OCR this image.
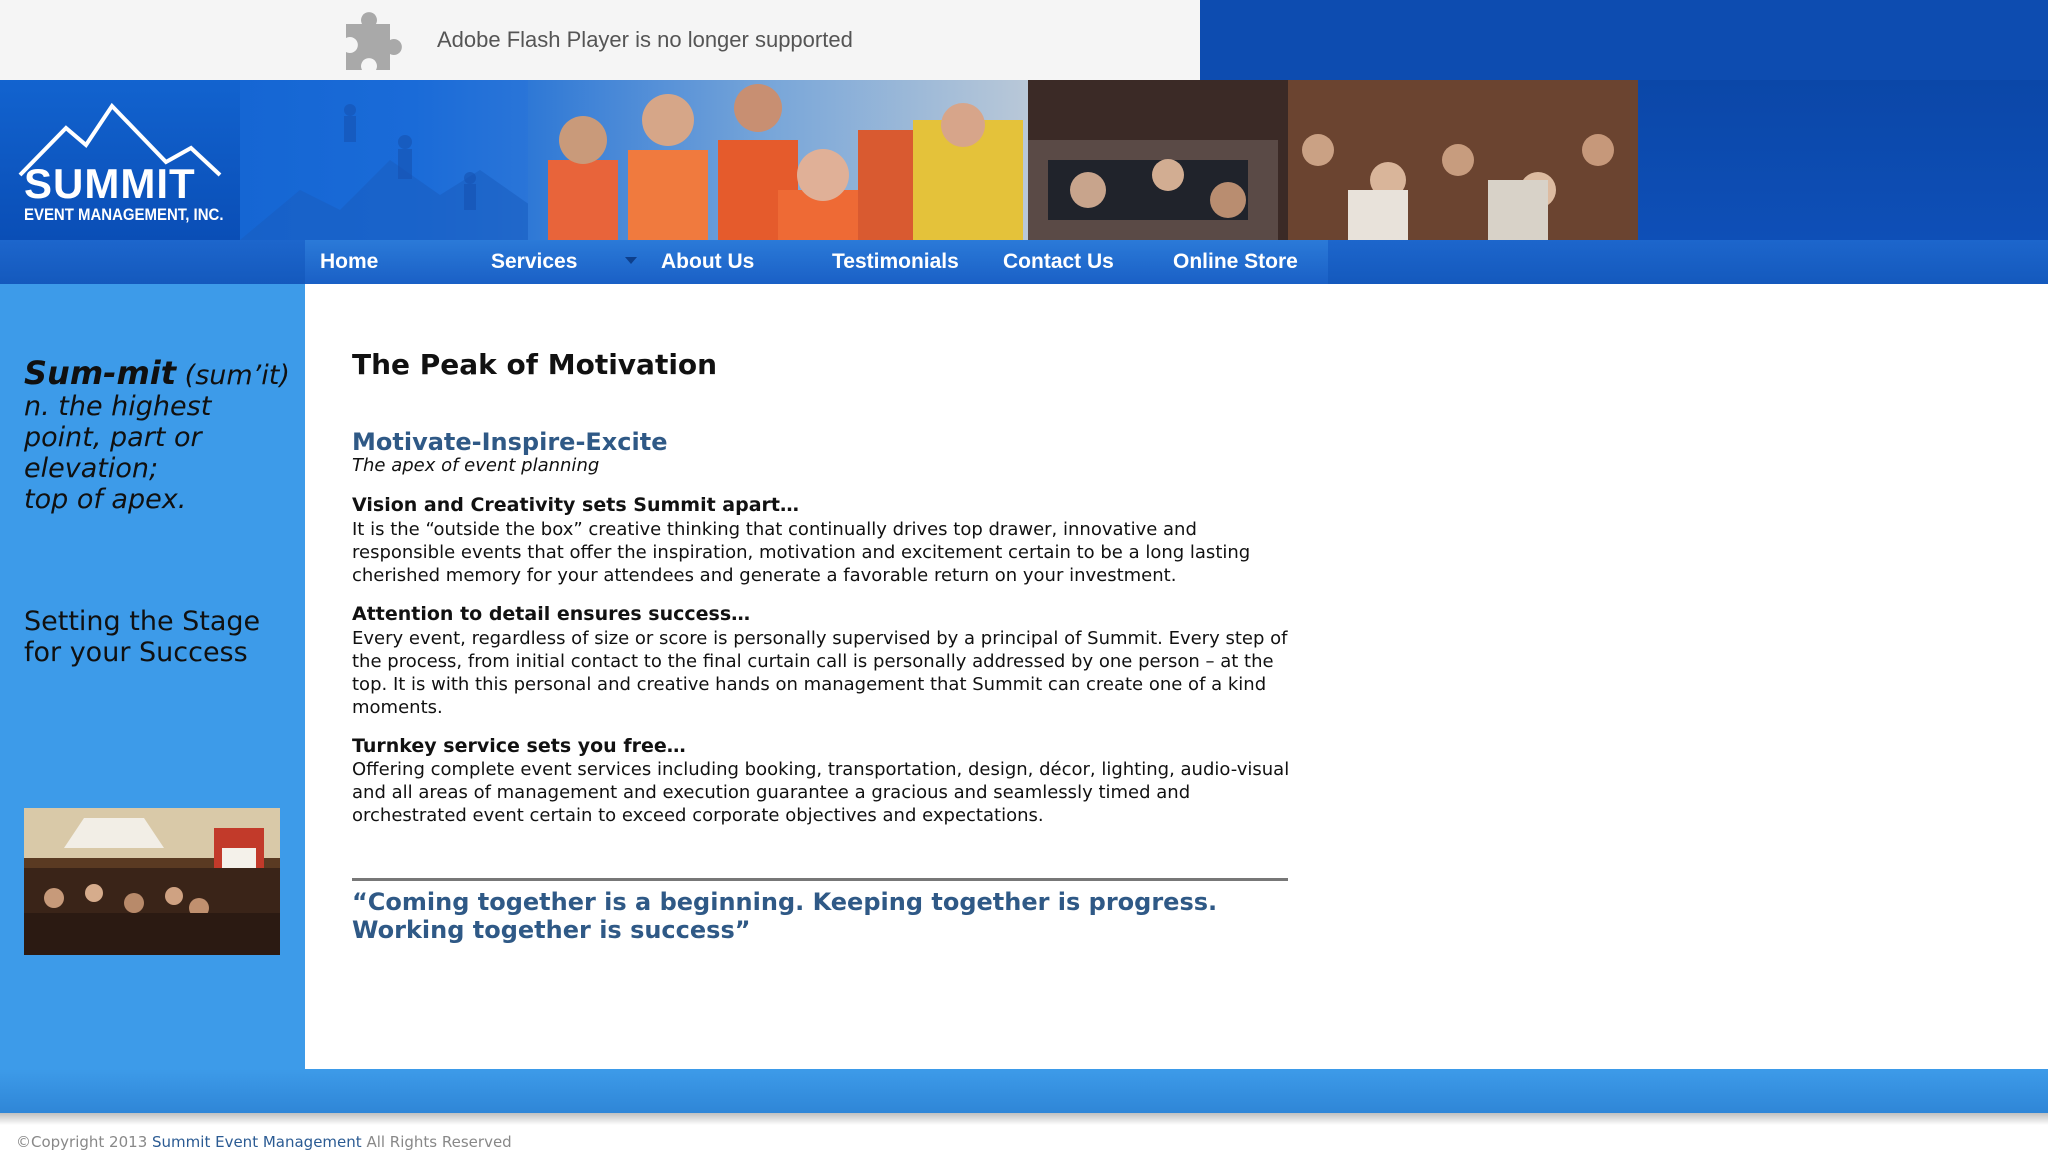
Adobe Flash Player is no longer supported
SUMMIT
EVENT MANAGEMENT, INC.
Home	Services	About Us	Testimonials Contact Us	Online Store
Sum-mit (sum’it)
n. the highest
point, part or
elevation;
top of apex.
Setting the Stage
for your Success
The Peak of Motivation
Motivate-Inspire-Excite
The apex of event planning
Vision and Creativity sets Summit apart…
It is the “outside the box” creative thinking that continually drives top drawer, innovative and responsible events that offer the inspiration, motivation and excitement certain to be a long lasting cherished memory for your attendees and generate a favorable return on your investment.
Attention to detail ensures success…
Every event, regardless of size or score is personally supervised by a principal of Summit. Every step of the process, from initial contact to the final curtain call is personally addressed by one person – at the top. It is with this personal and creative hands on management that Summit can create one of a kind moments.
Turnkey service sets you free…
Offering complete event services including booking, transportation, design, décor, lighting, audio-visual and all areas of management and execution guarantee a gracious and seamlessly timed and orchestrated event certain to exceed corporate objectives and expectations.
“Coming together is a beginning. Keeping together is progress. Working together is success”
©Copyright 2013 Summit Event Management All Rights Reserved
